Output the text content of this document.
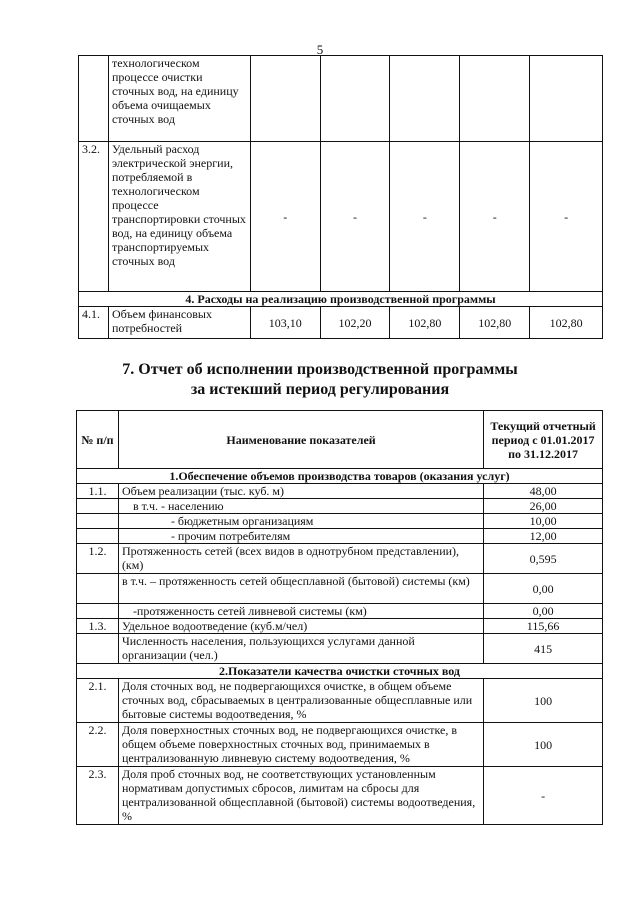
5
	технологическом процессе очистки сточных вод, на единицу объема очищаемых сточных вод					
3.2.	Удельный расход электрической энергии, потребляемой в технологическом процессе транспортировки сточных вод, на единицу объема транспортируемых сточных вод	-	-	-	-	-
4. Расходы на реализацию производственной программы						
4.1.	Объем финансовых потребностей	103,10	102,20	102,80	102,80	102,80
7. Отчет об исполнении производственной программы
за истекший период регулирования
№ п/п	Наименование показателей	Текущий отчетный период с 01.01.2017 по 31.12.2017
1.Обеспечение объемов производства товаров (оказания услуг)		
1.1.	Объем реализации (тыс. куб. м)	48,00
	в т.ч. - населению	26,00
	- бюджетным организациям	10,00
	- прочим потребителям	12,00
1.2.	Протяженность сетей (всех видов в однотрубном представлении), (км)	0,595
	в т.ч. – протяженность сетей общесплавной (бытовой) системы (км)	0,00
	-протяженность сетей ливневой системы (км)	0,00
1.3.	Удельное водоотведение (куб.м/чел)	115,66
	Численность населения, пользующихся услугами данной организации (чел.)	415
2.Показатели качества очистки сточных вод		
2.1.	Доля сточных вод, не подвергающихся очистке, в общем объеме сточных вод, сбрасываемых в централизованные общесплавные или бытовые системы водоотведения, %	100
2.2.	Доля поверхностных сточных вод, не подвергающихся очистке, в общем объеме поверхностных сточных вод, принимаемых в централизованную ливневую систему водоотведения, %	100
2.3.	Доля проб сточных вод, не соответствующих установленным нормативам допустимых сбросов, лимитам на сбросы для централизованной общесплавной (бытовой) системы водоотведения, %	-
